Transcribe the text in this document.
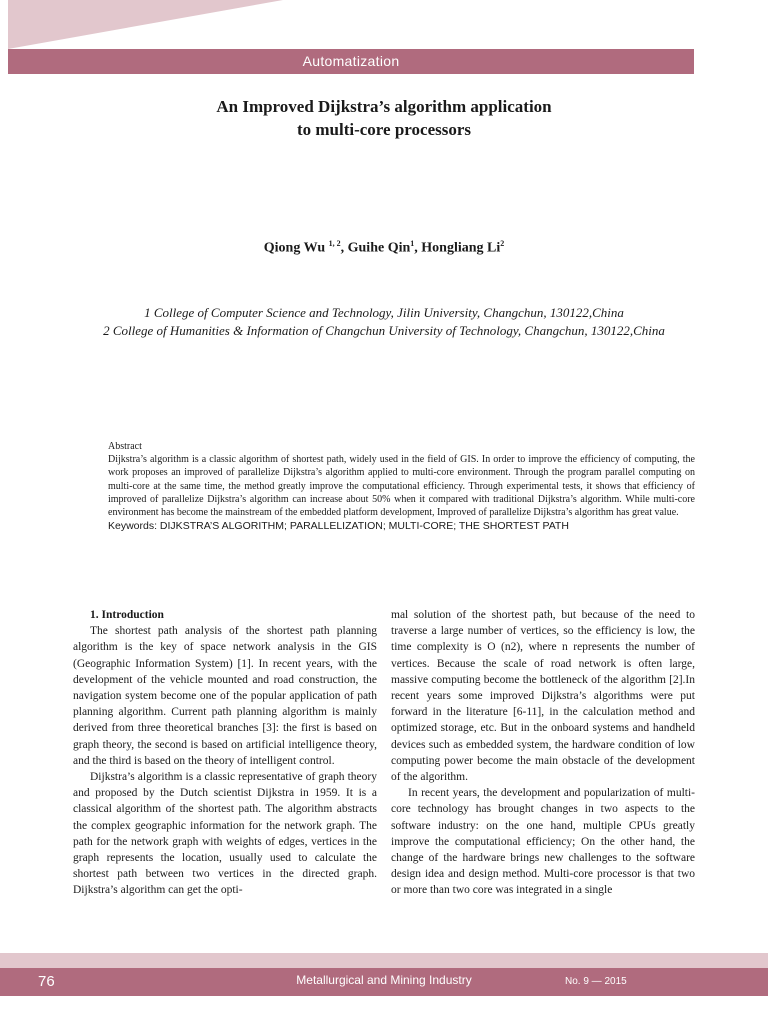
Automatization
An Improved Dijkstra’s algorithm application
to multi-core processors
Qiong Wu $^{1, 2}$, Guihe Qin$^1$, Hongliang Li$^2$
1 College of Computer Science and Technology, Jilin University, Changchun, 130122,China
2 College of Humanities & Information of Changchun University of Technology, Changchun, 130122,China
Abstract
Dijkstra’s algorithm is a classic algorithm of shortest path, widely used in the field of GIS. In order to improve the efficiency of computing, the work proposes an improved of parallelize Dijkstra’s algorithm applied to multi-core environment. Through the program parallel computing on multi-core at the same time, the method greatly improve the computational efficiency. Through experimental tests, it shows that efficiency of improved of parallelize Dijkstra’s algorithm can increase about 50% when it compared with traditional Dijkstra’s algorithm. While multi-core environment has become the mainstream of the embedded platform development, Improved of parallelize Dijkstra’s algorithm has great value.
Keywords: DIJKSTRA’S ALGORITHM; PARALLELIZATION; MULTI-CORE; THE SHORTEST PATH
1. Introduction

The shortest path analysis of the shortest path planning algorithm is the key of space network analysis in the GIS (Geographic Information System) [1]. In recent years, with the development of the vehicle mounted and road construction, the navigation system become one of the popular application of path planning algorithm. Current path planning algorithm is mainly derived from three theoretical branches [3]: the first is based on graph theory, the second is based on artificial intelligence theory, and the third is based on the theory of intelligent control.

Dijkstra’s algorithm is a classic representative of graph theory and proposed by the Dutch scientist Dijkstra in 1959. It is a classical algorithm of the shortest path. The algorithm abstracts the complex geographic information for the network graph. The path for the network graph with weights of edges, vertices in the graph represents the location, usually used to calculate the shortest path between two vertices in the directed graph. Dijkstra’s algorithm can get the opti-

mal solution of the shortest path, but because of the need to traverse a large number of vertices, so the efficiency is low, the time complexity is O (n2), where n represents the number of vertices. Because the scale of road network is often large, massive computing become the bottleneck of the algorithm [2].In recent years some improved Dijkstra’s algorithms were put forward in the literature [6-11], in the calculation method and optimized storage, etc. But in the onboard systems and handheld devices such as embedded system, the hardware condition of low computing power become the main obstacle of the development of the algorithm.

In recent years, the development and popularization of multi-core technology has brought changes in two aspects to the software industry: on the one hand, multiple CPUs greatly improve the computational efficiency; On the other hand, the change of the hardware brings new challenges to the software design idea and design method. Multi-core processor is that two or more than two core was integrated in a single

76	Metallurgical and Mining Industry	No. 9 — 2015
